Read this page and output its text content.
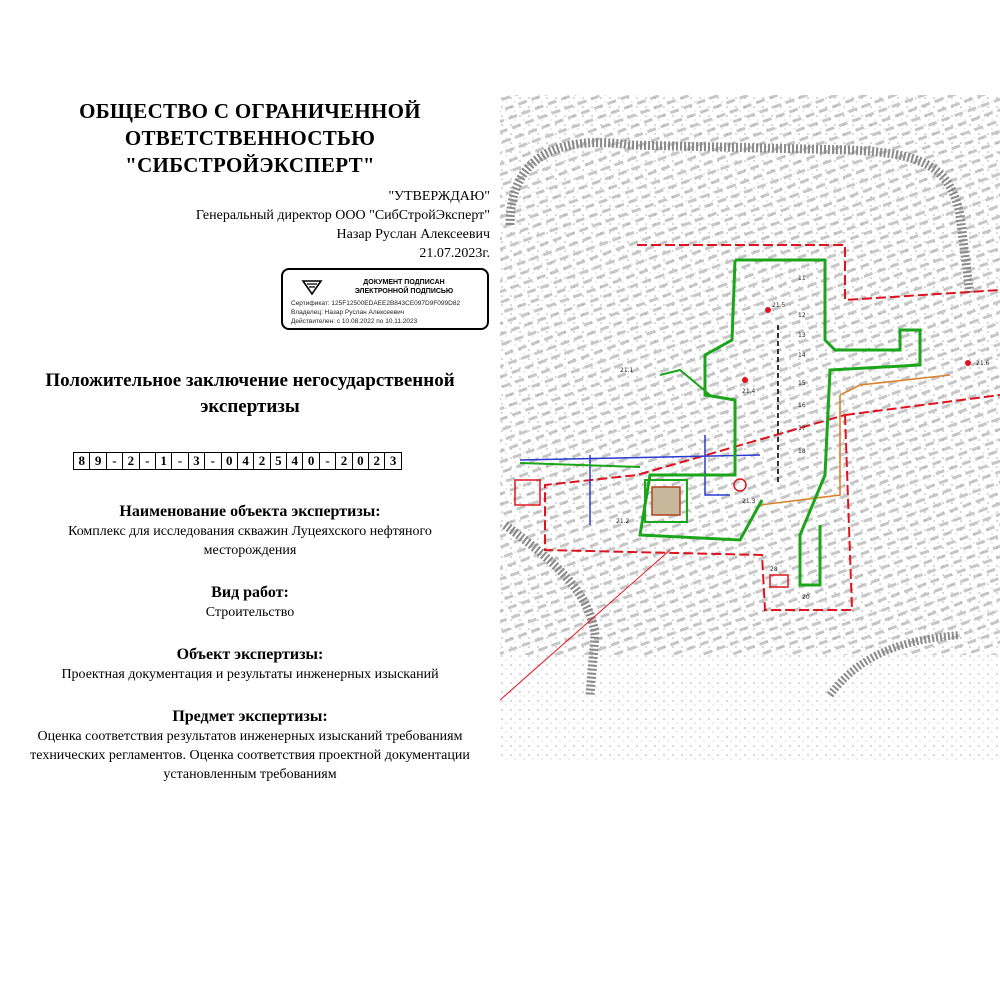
ОБЩЕСТВО С ОГРАНИЧЕННОЙ
ОТВЕТСТВЕННОСТЬЮ
"СИБСТРОЙЭКСПЕРТ"
"УТВЕРЖДАЮ"
Генеральный директор ООО "СибСтройЭксперт"
Назар Руслан Алексеевич
21.07.2023г.
ДОКУМЕНТ ПОДПИСАН
ЭЛЕКТРОННОЙ ПОДПИСЬЮ
Сертификат: 125F12500EDAEE2B843CE097D9F099D82
Владелец: Назар Руслан Алексеевич
Действителен: с 10.08.2022 по 10.11.2023
Положительное заключение негосударственной
экспертизы
8 9 - 2 - 1 - 3 - 0 4 2 5 4 0 - 2 0 2 3
Наименование объекта экспертизы:
Комплекс для исследования скважин Луцеяхского нефтяного
месторождения
Вид работ:
Строительство
Объект экспертизы:
Проектная документация и результаты инженерных изысканий
Предмет экспертизы:
Оценка соответствия результатов инженерных изысканий требованиям
технических регламентов. Оценка соответствия проектной документации
установленным требованиям
11
12
13
14
15
16
17
18
21.1
21.2
21.3
21.4
21.5
21.6
20
28
